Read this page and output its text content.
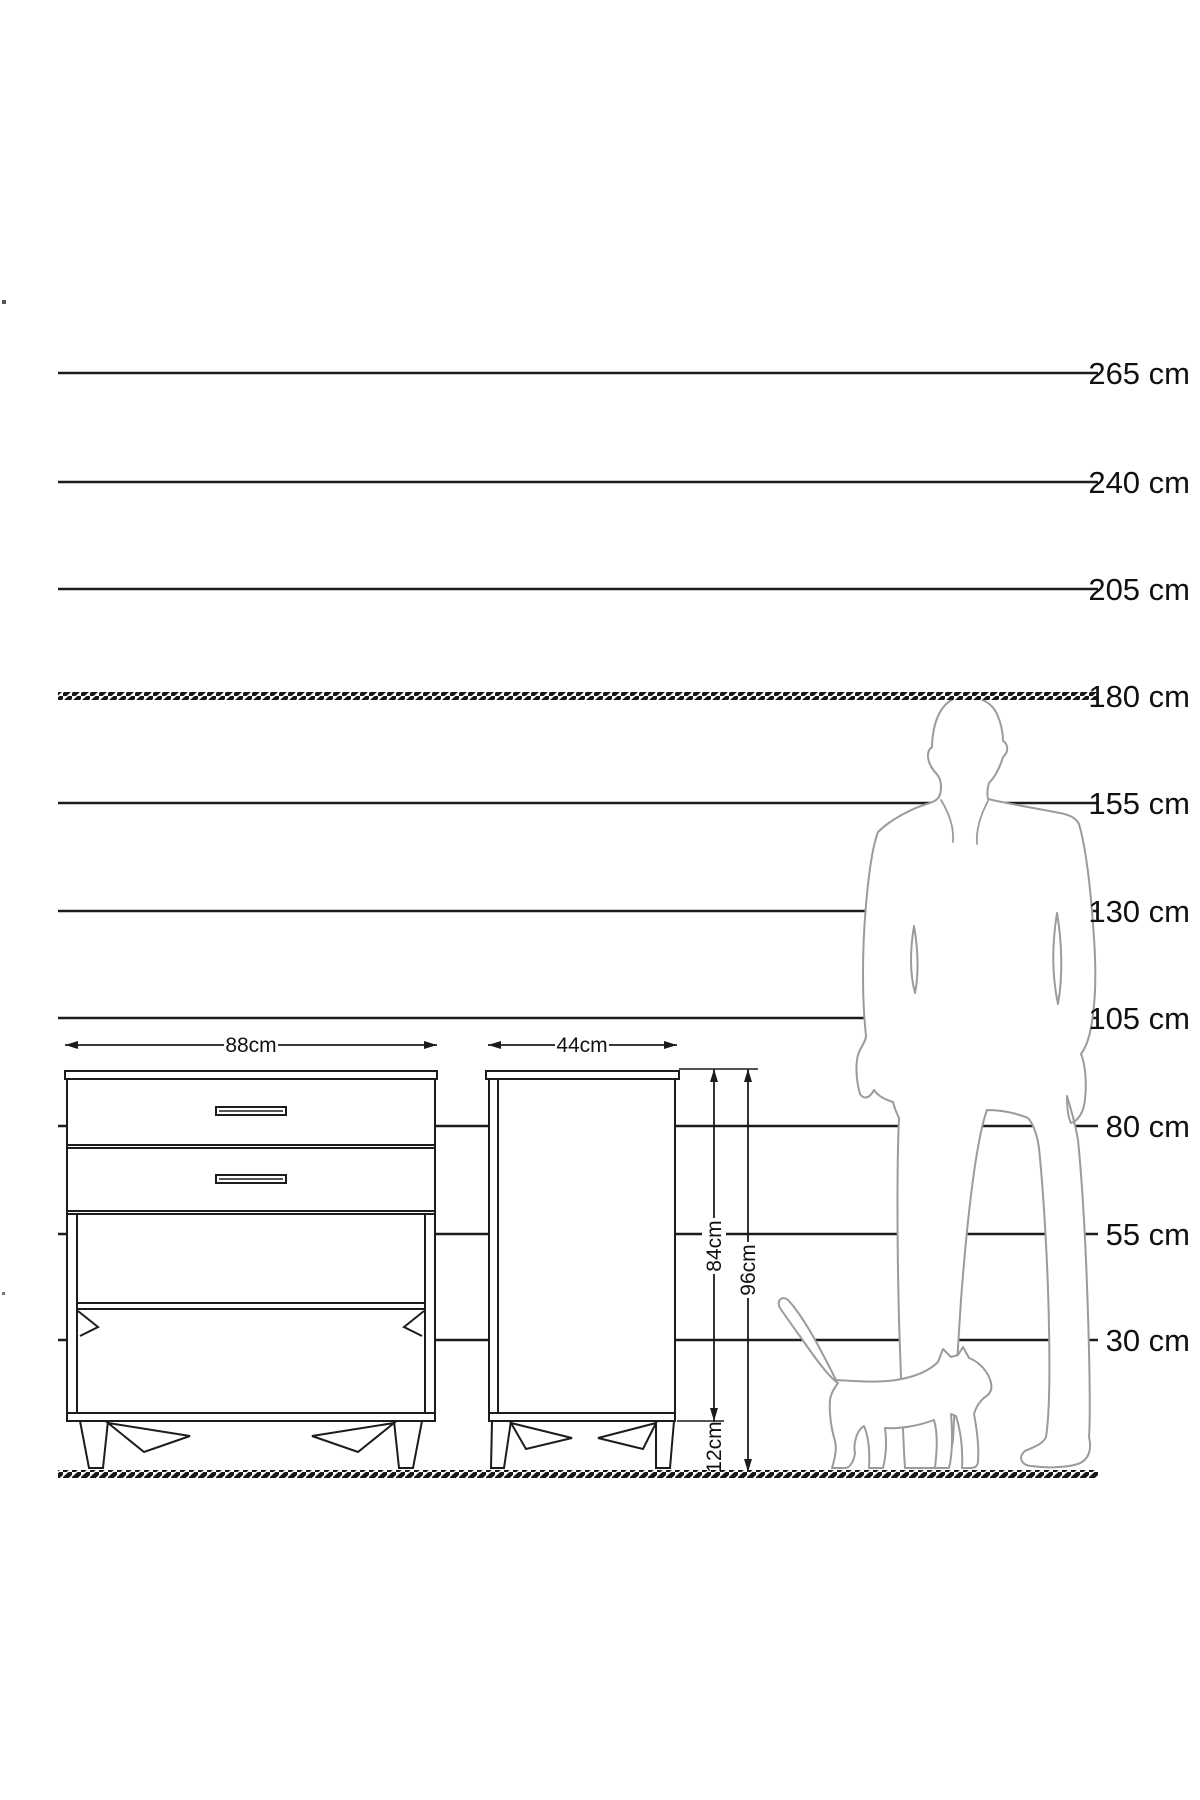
88cm	44cm
84cm 96cm
12cm
265 cm
240 cm
205 cm
180 cm
155 cm
130 cm
105 cm
80 cm
55 cm
30 cm
